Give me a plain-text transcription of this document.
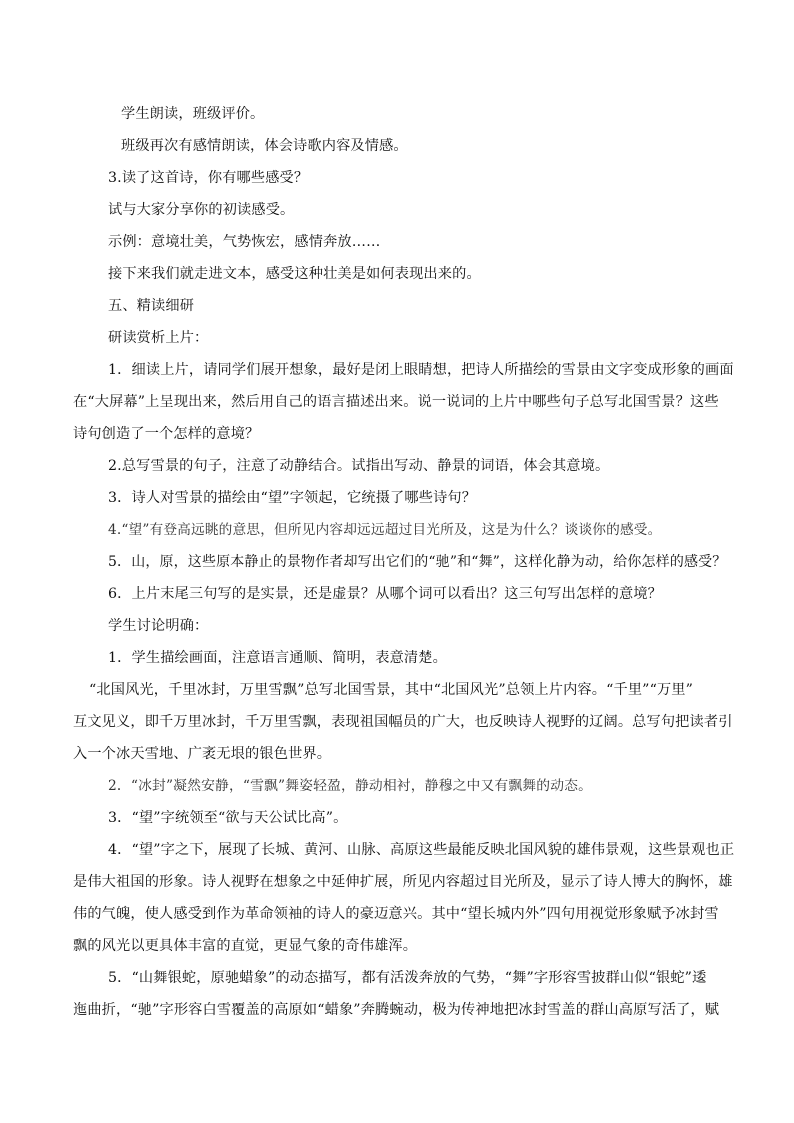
学生朗读，班级评价。
班级再次有感情朗读，体会诗歌内容及情感。
3.读了这首诗，你有哪些感受？
试与大家分享你的初读感受。
示例：意境壮美，气势恢宏，感情奔放……
接下来我们就走进文本，感受这种壮美是如何表现出来的。
五、精读细研
研读赏析上片：
1．细读上片，请同学们展开想象，最好是闭上眼睛想，把诗人所描绘的雪景由文字变成形象的画面
在“大屏幕”上呈现出来，然后用自己的语言描述出来。说一说词的上片中哪些句子总写北国雪景？这些
诗句创造了一个怎样的意境？
2.总写雪景的句子，注意了动静结合。试指出写动、静景的词语，体会其意境。
3．诗人对雪景的描绘由“望”字领起，它统摄了哪些诗句？
4.“望”有登高远眺的意思，但所见内容却远远超过目光所及，这是为什么？谈谈你的感受。
5．山，原，这些原本静止的景物作者却写出它们的“驰”和“舞”，这样化静为动，给你怎样的感受？
6．上片末尾三句写的是实景，还是虚景？从哪个词可以看出？这三句写出怎样的意境？
学生讨论明确：
1．学生描绘画面，注意语言通顺、简明，表意清楚。
“北国风光，千里冰封，万里雪飘”总写北国雪景，其中“北国风光”总领上片内容。“千里”“万里”
互文见义，即千万里冰封，千万里雪飘，表现祖国幅员的广大，也反映诗人视野的辽阔。总写句把读者引
入一个冰天雪地、广袤无垠的银色世界。
2．“冰封”凝然安静，“雪飘”舞姿轻盈，静动相衬，静穆之中又有飘舞的动态。
3．“望”字统领至“欲与天公试比高”。
4．“望”字之下，展现了长城、黄河、山脉、高原这些最能反映北国风貌的雄伟景观，这些景观也正
是伟大祖国的形象。诗人视野在想象之中延伸扩展，所见内容超过目光所及，显示了诗人博大的胸怀，雄
伟的气魄，使人感受到作为革命领袖的诗人的豪迈意兴。其中“望长城内外”四句用视觉形象赋予冰封雪
飘的风光以更具体丰富的直觉，更显气象的奇伟雄浑。
5．“山舞银蛇，原驰蜡象”的动态描写，都有活泼奔放的气势，“舞”字形容雪披群山似“银蛇”逶
迤曲折，“驰”字形容白雪覆盖的高原如“蜡象”奔腾蜿动，极为传神地把冰封雪盖的群山高原写活了，赋
